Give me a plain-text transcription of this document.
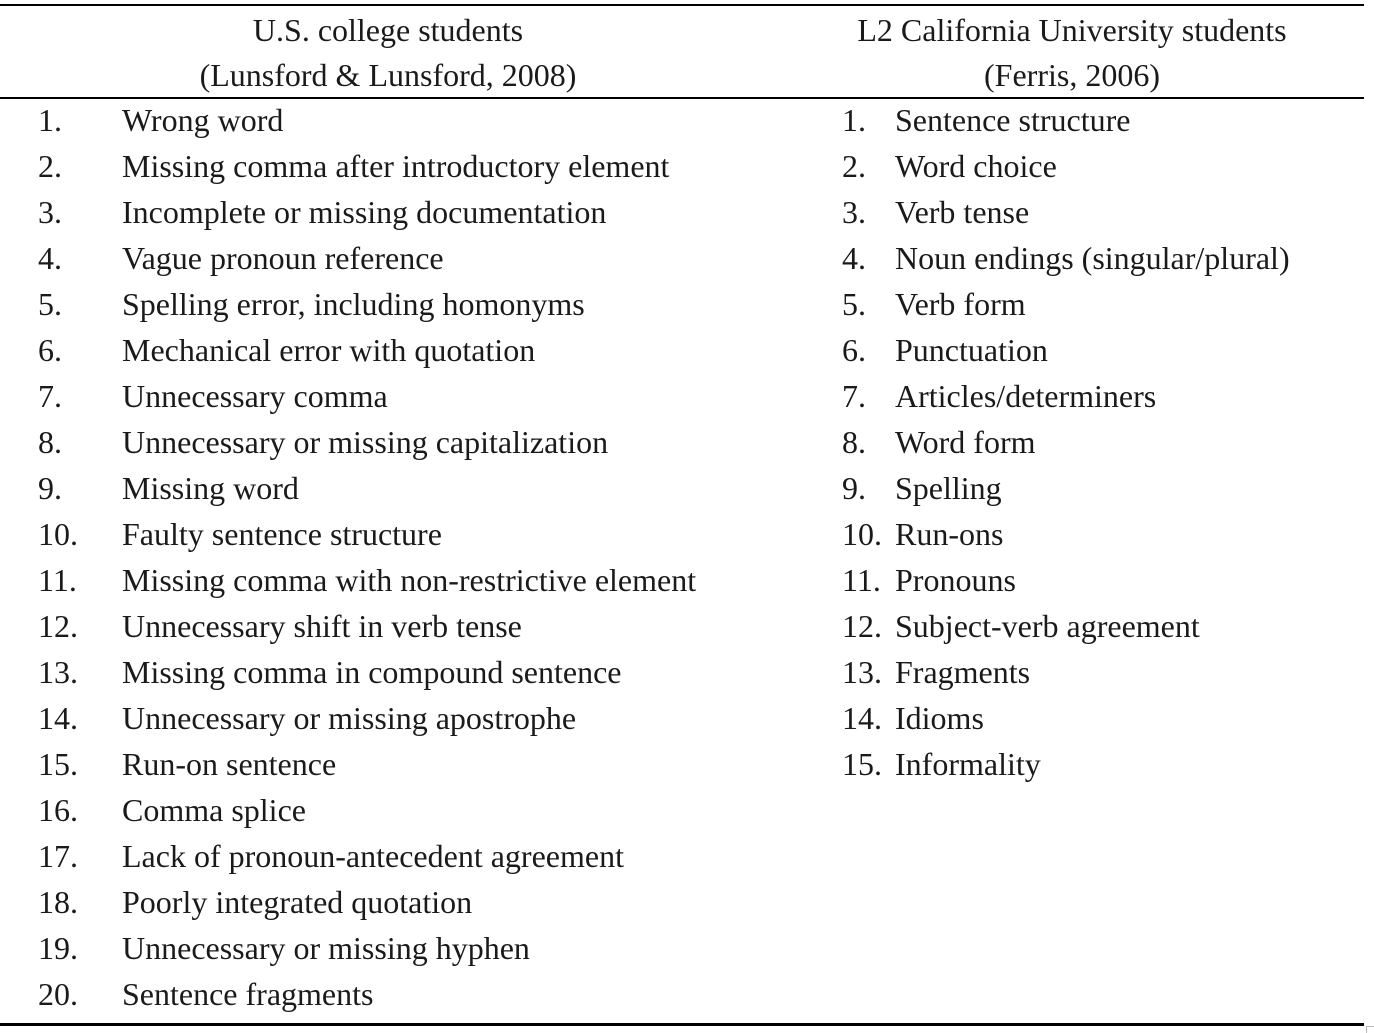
U.S. college students
(Lunsford & Lunsford, 2008)
L2 California University students
(Ferris, 2006)
1. Wrong word
2. Missing comma after introductory element
3. Incomplete or missing documentation
4. Vague pronoun reference
5. Spelling error, including homonyms
6. Mechanical error with quotation
7. Unnecessary comma
8. Unnecessary or missing capitalization
9. Missing word
10. Faulty sentence structure
11. Missing comma with non-restrictive element
12. Unnecessary shift in verb tense
13. Missing comma in compound sentence
14. Unnecessary or missing apostrophe
15. Run-on sentence
16. Comma splice
17. Lack of pronoun-antecedent agreement
18. Poorly integrated quotation
19. Unnecessary or missing hyphen
20. Sentence fragments
1. Sentence structure
2. Word choice
3. Verb tense
4. Noun endings (singular/plural)
5. Verb form
6. Punctuation
7. Articles/determiners
8. Word form
9. Spelling
10. Run-ons
11. Pronouns
12. Subject-verb agreement
13. Fragments
14. Idioms
15. Informality
